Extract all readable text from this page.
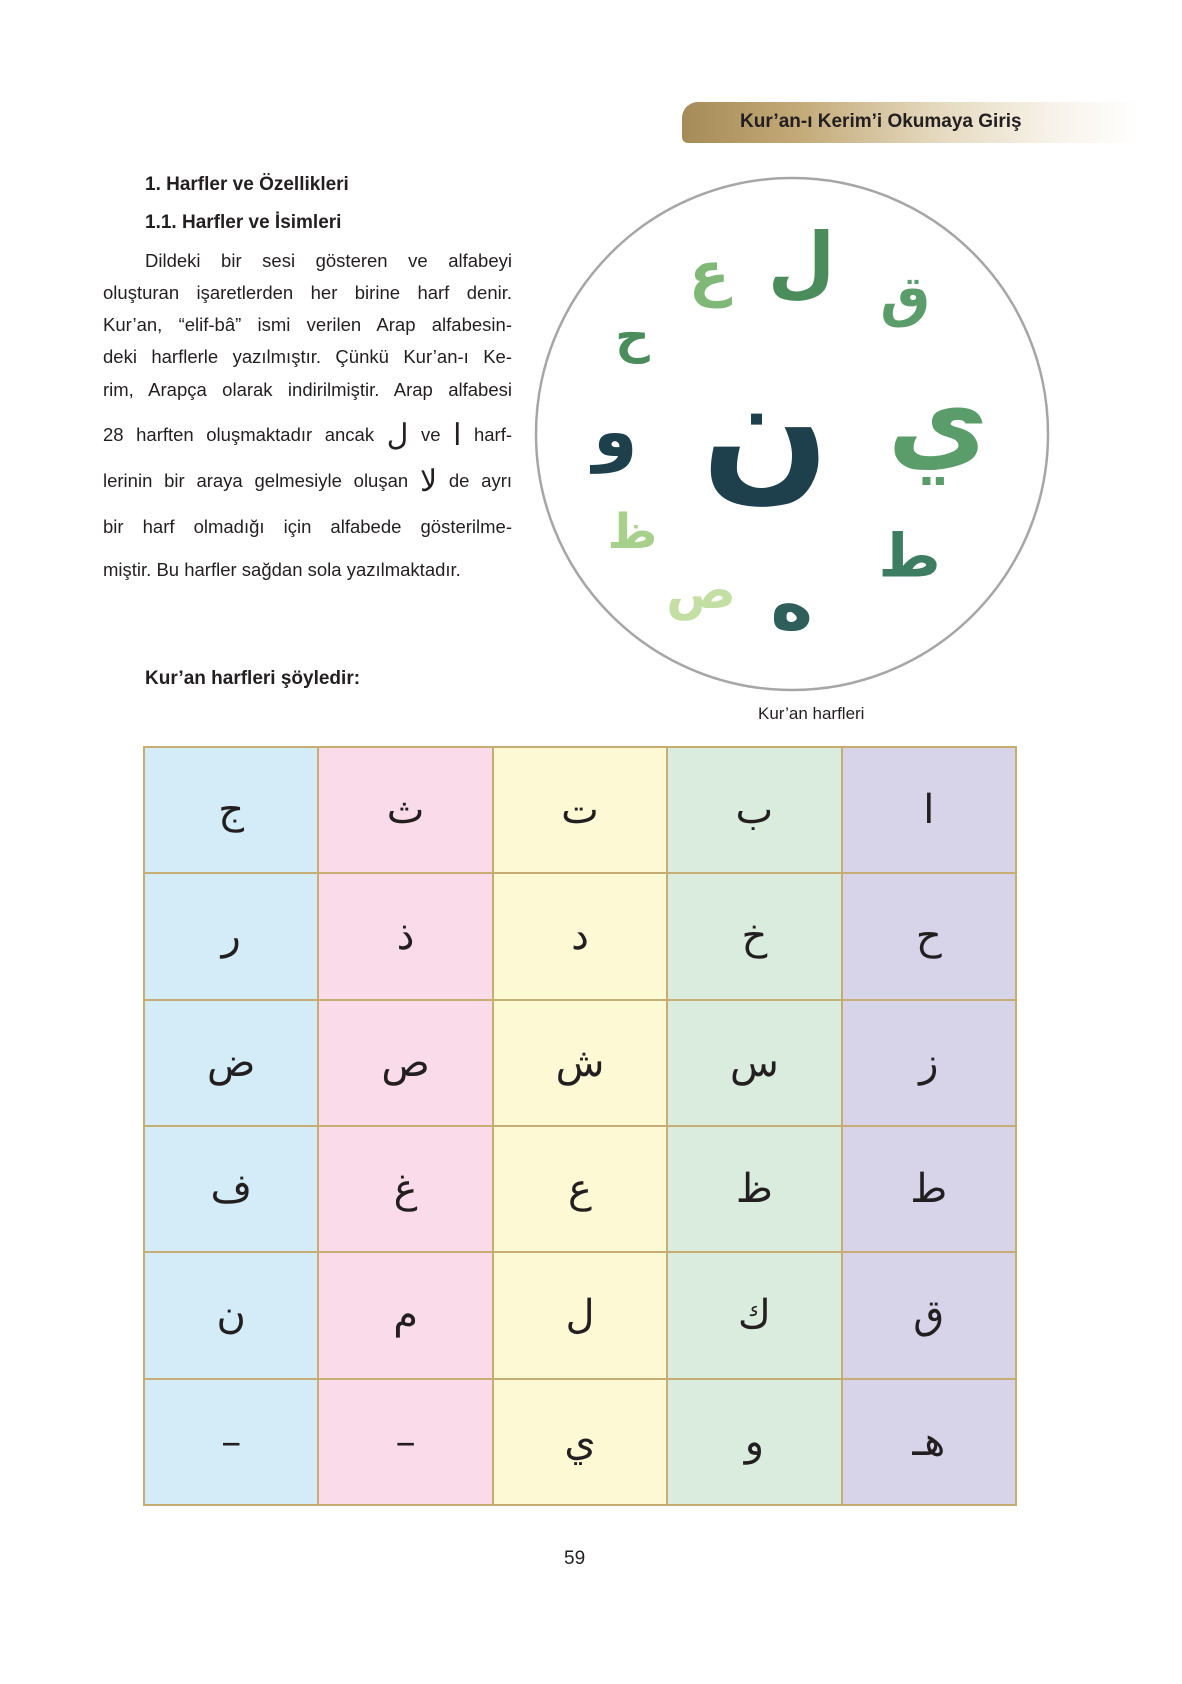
Kur’an-ı Kerim’i Okumaya Giriş
1. Harfler ve Özellikleri
1.1. Harfler ve İsimleri
Dildeki bir sesi gösteren ve alfabeyi
oluşturan işaretlerden her birine harf denir.
Kur’an, “elif-bâ” ismi verilen Arap alfabesin-
deki harflerle yazılmıştır. Çünkü Kur’an-ı Ke-
rim, Arapça olarak indirilmiştir. Arap alfabesi
28 harften oluşmaktadır ancak ل ve ا harf-
lerinin bir araya gelmesiyle oluşan لا de ayrı
bir harf olmadığı için alfabede gösterilme-
miştir. Bu harfler sağdan sola yazılmaktadır.
ن ي
ل
و
ه
ط
ع	ق
ص
ظ
ح
Kur’an harfleri
Kur’an harfleri şöyledir:
ج	ث	ت	ب	ا
ر	ذ	د	خ	ح
ض	ص	ش	س	ز
ف	غ	ع	ظ	ط
ن	م	ل	ك	ق
–	–	ي	و	هـ
59
